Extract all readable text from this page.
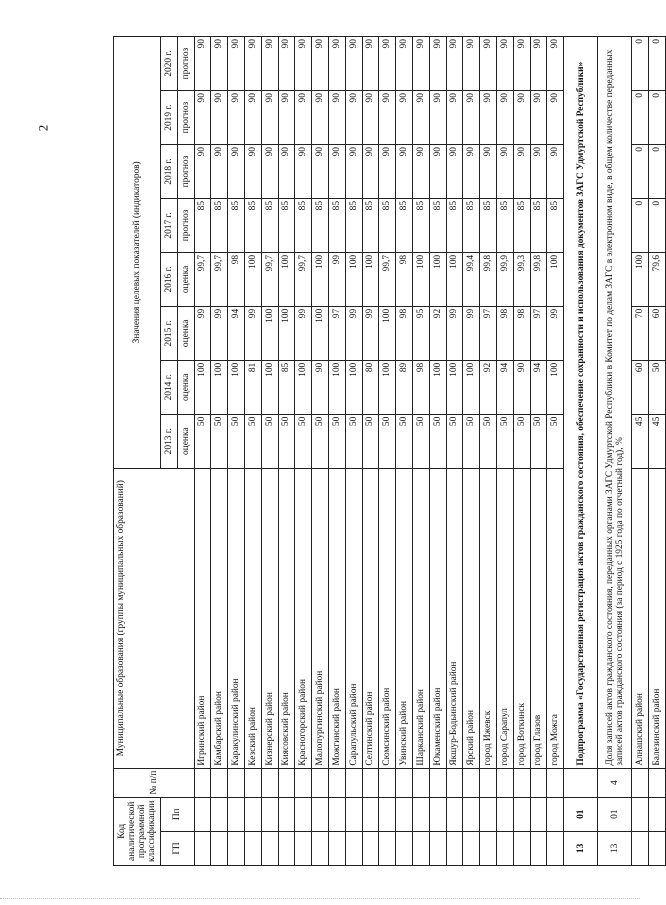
2
Код аналитической программной классификации		№ п/п	Муниципальные образования (группы муниципальных образований)	Значения целевых показателей (индикаторов)							
ГП	Пп			2013 г.	2014 г.	2015 г.	2016 г.	2017 г.	2018 г.	2019 г.	2020 г.
				оценка	оценка	оценка	оценка	прогноз	прогноз	прогноз	прогноз
			Игринский район	50	100	99	99,7	85	90	90	90
			Камбарский район	50	100	99	99,7	85	90	90	90
			Каракулинский район	50	100	94	98	85	90	90	90
			Кезский район	50	81	99	100	85	90	90	90
			Кизнерский район	50	100	100	99,7	85	90	90	90
			Киясовский район	50	85	100	100	85	90	90	90
			Красногорский район	50	100	99	99,7	85	90	90	90
			Малопургинский район	50	90	100	100	85	90	90	90
			Можгинский район	50	100	97	99	85	90	90	90
			Сарапульский район	50	100	99	100	85	90	90	90
			Селтинский район	50	80	99	100	85	90	90	90
			Сюмсинский район	50	100	100	99,7	85	90	90	90
			Увинский район	50	89	98	98	85	90	90	90
			Шарканский район	50	98	95	100	85	90	90	90
			Юкаменский район	50	100	92	100	85	90	90	90
			Якшур-Бодьинский район	50	100	99	100	85	90	90	90
			Ярский район	50	100	99	99,4	85	90	90	90
			город Ижевск	50	92	97	99,8	85	90	90	90
			город Сарапул	50	94	98	99,9	85	90	90	90
			город Воткинск	50	90	98	99,3	85	90	90	90
			город Глазов	50	94	97	99,8	85	90	90	90
			город Можга	50	100	99	100	85	90	90	90
13	01		Подпрограмма «Государственная регистрация актов гражданского состояния, обеспечение сохранности и использования документов ЗАГС Удмуртской Республики»								
13	01	4	Доля записей актов гражданского состояния, переданных органами ЗАГС Удмуртской Республики в Комитет по делам ЗАГС в электронном виде, в общем количестве переданных записей актов гражданского состояния (за период с 1925 года по отчетный год), %								
			Алнашский район	45	60	70	100	0	0	0	0
			Балезинский район	45	50	60	79,6	0	0	0	0
